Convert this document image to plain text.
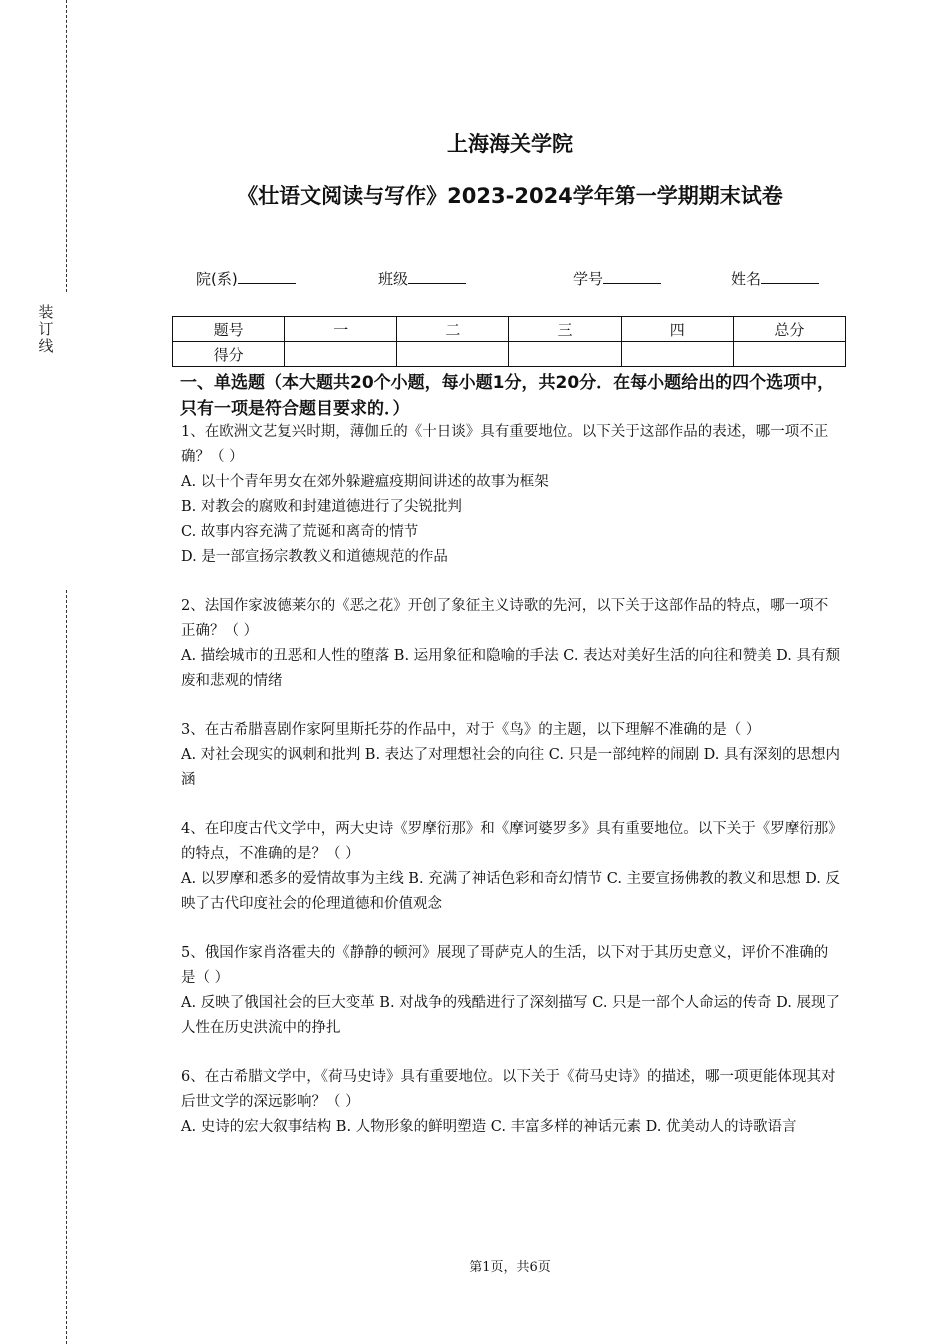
装
订
线
上海海关学院
《壮语文阅读与写作》2023-2024学年第一学期期末试卷
院(系)	班级	学号	姓名
题号	一	二	三	四	总分
得分					
一、单选题（本大题共20个小题，每小题1分，共20分．在每小题给出的四个选项中，只有一项是符合题目要求的．）
1、在欧洲文艺复兴时期，薄伽丘的《十日谈》具有重要地位。以下关于这部作品的表述，哪一项不正确？（ ）
A. 以十个青年男女在郊外躲避瘟疫期间讲述的故事为框架
B. 对教会的腐败和封建道德进行了尖锐批判
C. 故事内容充满了荒诞和离奇的情节
D. 是一部宣扬宗教教义和道德规范的作品
2、法国作家波德莱尔的《恶之花》开创了象征主义诗歌的先河，以下关于这部作品的特点，哪一项不正确？（ ）
A. 描绘城市的丑恶和人性的堕落 B. 运用象征和隐喻的手法 C. 表达对美好生活的向往和赞美 D. 具有颓废和悲观的情绪
3、在古希腊喜剧作家阿里斯托芬的作品中，对于《鸟》的主题，以下理解不准确的是（ ）
A. 对社会现实的讽刺和批判 B. 表达了对理想社会的向往 C. 只是一部纯粹的闹剧 D. 具有深刻的思想内涵
4、在印度古代文学中，两大史诗《罗摩衍那》和《摩诃婆罗多》具有重要地位。以下关于《罗摩衍那》的特点，不准确的是？（ ）
A. 以罗摩和悉多的爱情故事为主线 B. 充满了神话色彩和奇幻情节 C. 主要宣扬佛教的教义和思想 D. 反映了古代印度社会的伦理道德和价值观念
5、俄国作家肖洛霍夫的《静静的顿河》展现了哥萨克人的生活，以下对于其历史意义，评价不准确的是（ ）
A. 反映了俄国社会的巨大变革 B. 对战争的残酷进行了深刻描写 C. 只是一部个人命运的传奇 D. 展现了人性在历史洪流中的挣扎
6、在古希腊文学中，《荷马史诗》具有重要地位。以下关于《荷马史诗》的描述，哪一项更能体现其对后世文学的深远影响？（ ）
A. 史诗的宏大叙事结构 B. 人物形象的鲜明塑造 C. 丰富多样的神话元素 D. 优美动人的诗歌语言
第1页，共6页
